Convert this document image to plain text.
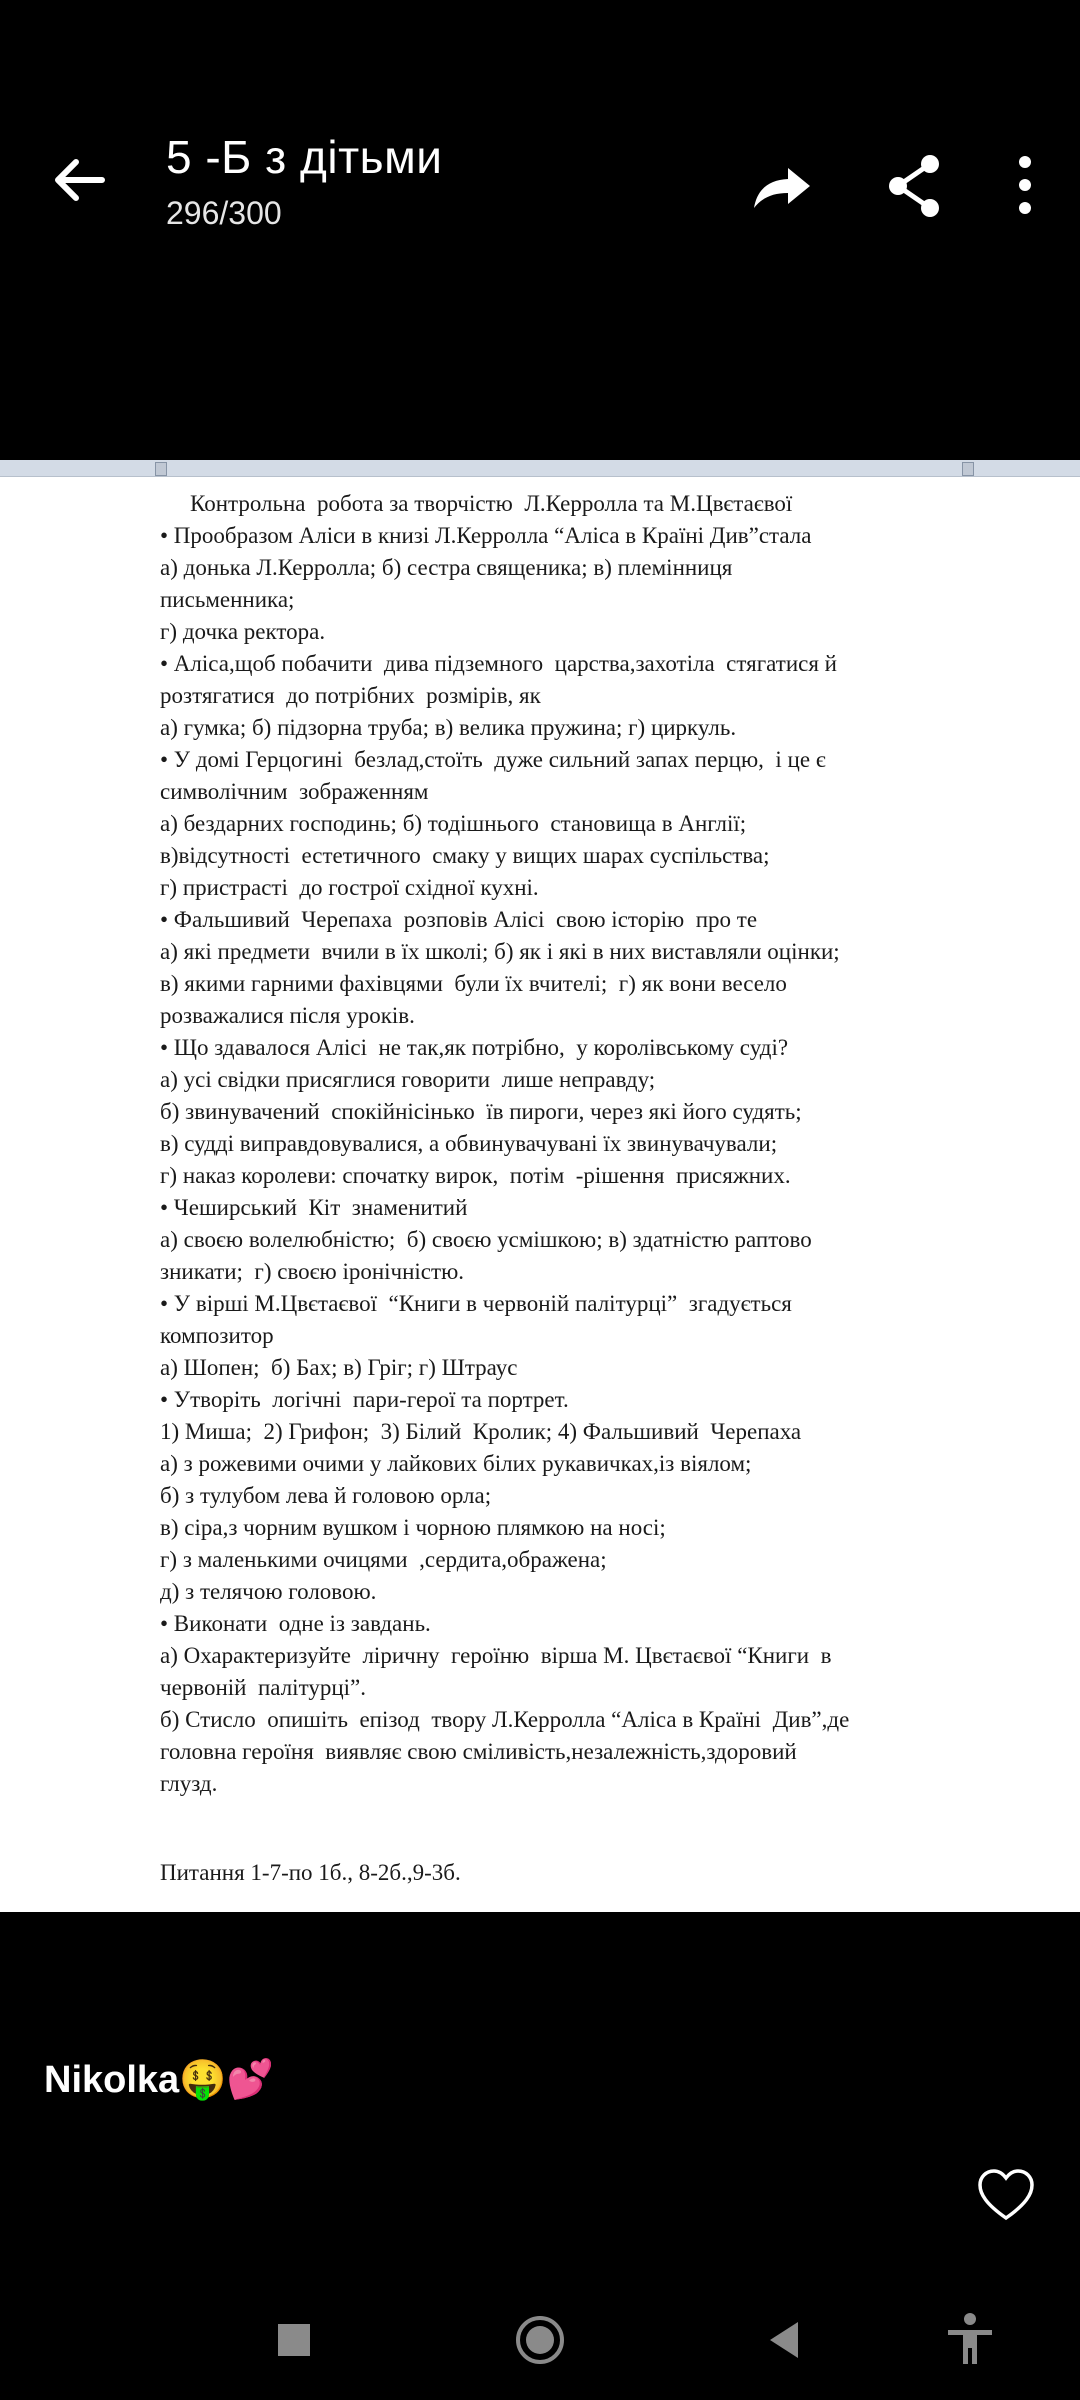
5 -Б з дітьми
296/300
Контрольна  робота за творчістю  Л.Керролла та М.Цвєтаєвої
• Прообразом Аліси в книзі Л.Керролла “Аліса в Країні Див”стала
а) донька Л.Керролла; б) сестра священика; в) племінниця
письменника;
г) дочка ректора.
• Аліса,щоб побачити  дива підземного  царства,захотіла  стягатися й
розтягатися  до потрібних  розмірів, як
а) гумка; б) підзорна труба; в) велика пружина; г) циркуль.
• У домі Герцогині  безлад,стоїть  дуже сильний запах перцю,  і це є
символічним  зображенням
а) бездарних господинь; б) тодішнього  становища в Англії;
в)відсутності  естетичного  смаку у вищих шарах суспільства;
г) пристрасті  до гострої східної кухні.
• Фальшивий  Черепаха  розповів Алісі  свою історію  про те
а) які предмети  вчили в їх школі; б) як і які в них виставляли оцінки;
в) якими гарними фахівцями  були їх вчителі;  г) як вони весело
розважалися після уроків.
• Що здавалося Алісі  не так,як потрібно,  у королівському суді?
а) усі свідки присяглися говорити  лише неправду;
б) звинувачений  спокійнісінько  їв пироги, через які його судять;
в) судді виправдовувалися, а обвинувачувані їх звинувачували;
г) наказ королеви: спочатку вирок,  потім  -рішення  присяжних.
• Чеширський  Кіт  знаменитий
а) своєю волелюбністю;  б) своєю усмішкою; в) здатністю раптово
зникати;  г) своєю іронічністю.
• У вірші М.Цвєтаєвої  “Книги в червоній палітурці”  згадується
композитор
а) Шопен;  б) Бах; в) Гріг; г) Штраус
• Утворіть  логічні  пари-герої та портрет.
1) Миша;  2) Грифон;  3) Білий  Кролик; 4) Фальшивий  Черепаха
а) з рожевими очими у лайкових білих рукавичках,із віялом;
б) з тулубом лева й головою орла;
в) сіра,з чорним вушком і чорною плямкою на носі;
г) з маленькими очицями  ,сердита,ображена;
д) з телячою головою.
• Виконати  одне із завдань.
а) Охарактеризуйте  ліричну  героїню  вірша М. Цвєтаєвої “Книги  в
червоній  палітурці”.
б) Стисло  опишіть  епізод  твору Л.Керролла “Аліса в Країні  Див”,де
головна героїня  виявляє свою сміливість,незалежність,здоровий
глузд.
Питання 1-7-по 1б., 8-2б.,9-3б.
Nikolka🤑💕
